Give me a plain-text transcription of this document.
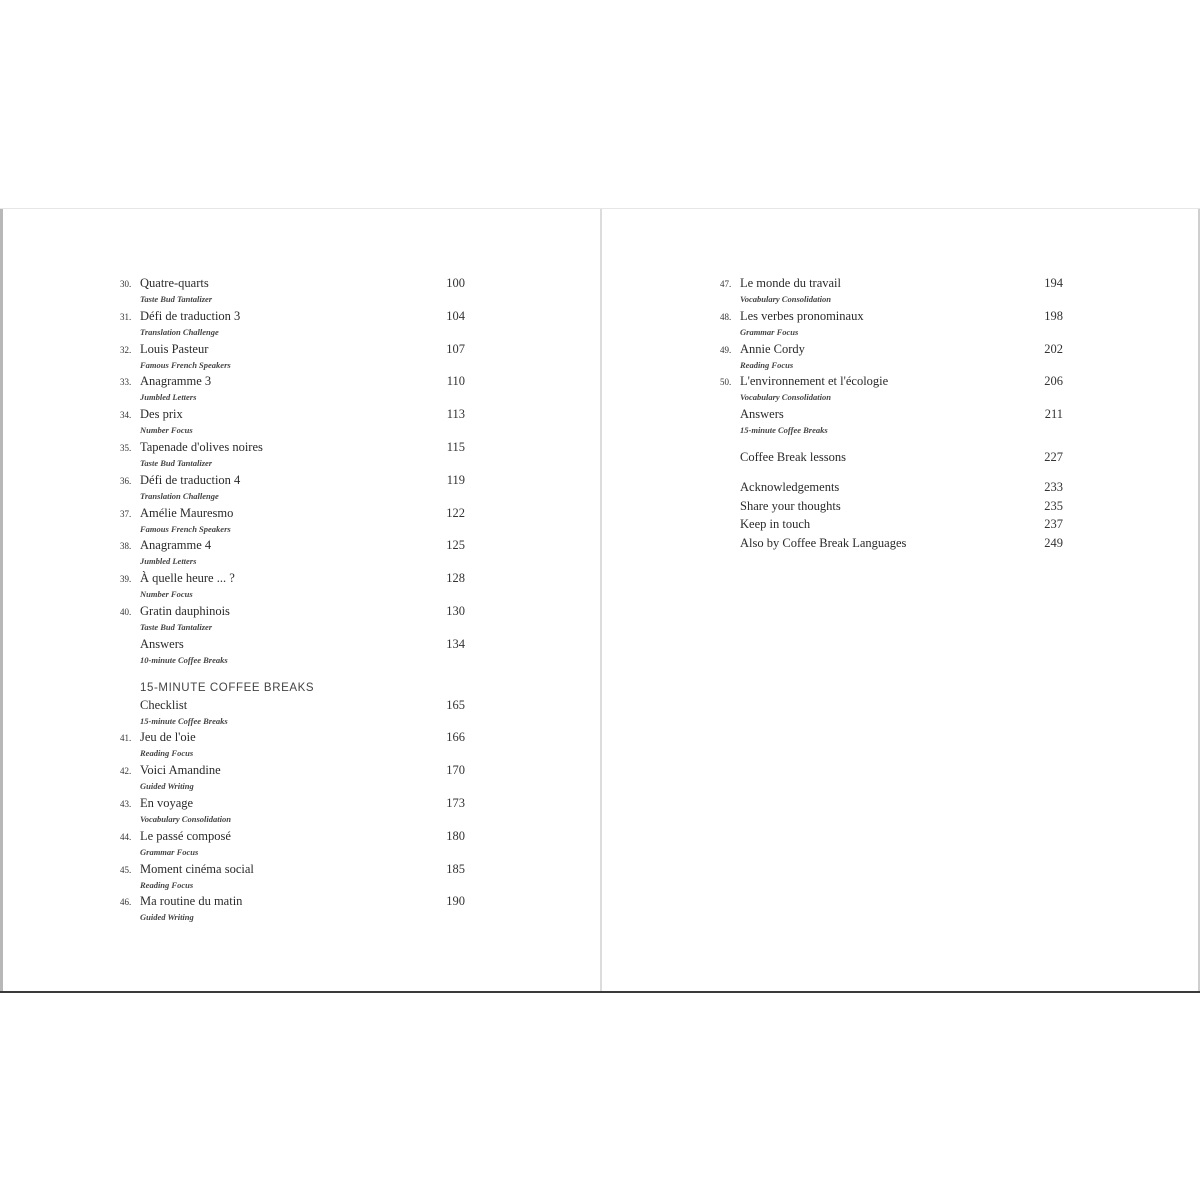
30. Quatre-quarts	100
Taste Bud Tantalizer
31. Défi de traduction 3	104
Translation Challenge
32. Louis Pasteur	107
Famous French Speakers
33. Anagramme 3	110
Jumbled Letters
34. Des prix	113
Number Focus
35. Tapenade d'olives noires	115
Taste Bud Tantalizer
36. Défi de traduction 4	119
Translation Challenge
37. Amélie Mauresmo	122
Famous French Speakers
38. Anagramme 4	125
Jumbled Letters
39. À quelle heure ... ?	128
Number Focus
40. Gratin dauphinois	130
Taste Bud Tantalizer
Answers	134
10-minute Coffee Breaks
15-MINUTE COFFEE BREAKS
Checklist	165
15-minute Coffee Breaks
41. Jeu de l'oie	166
Reading Focus
42. Voici Amandine	170
Guided Writing
43. En voyage	173
Vocabulary Consolidation
44. Le passé composé	180
Grammar Focus
45. Moment cinéma social	185
Reading Focus
46. Ma routine du matin	190
Guided Writing
47. Le monde du travail	194
Vocabulary Consolidation
48. Les verbes pronominaux	198
Grammar Focus
49. Annie Cordy	202
Reading Focus
50. L'environnement et l'écologie	206
Vocabulary Consolidation
Answers	211
15-minute Coffee Breaks
Coffee Break lessons	227
Acknowledgements	233
Share your thoughts	235
Keep in touch	237
Also by Coffee Break Languages	249
